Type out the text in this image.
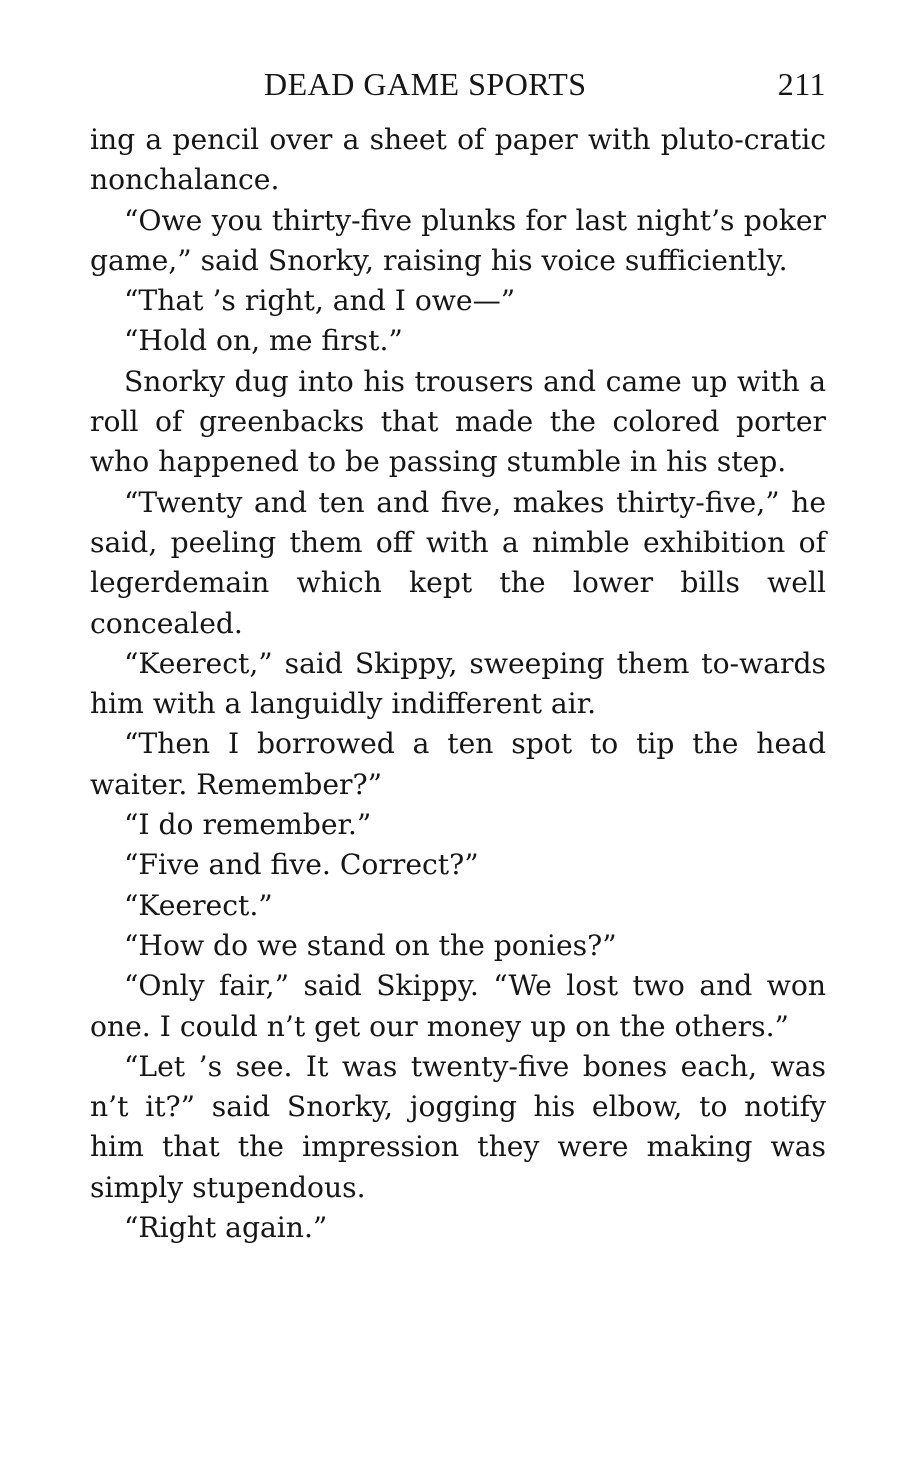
DEAD GAME SPORTS	211

ing a pencil over a sheet of paper with pluto-cratic nonchalance.

“Owe you thirty-five plunks for last night’s poker game,” said Snorky, raising his voice sufficiently.

“That ’s right, and I owe—”

“Hold on, me first.”

Snorky dug into his trousers and came up with a roll of greenbacks that made the colored porter who happened to be passing stumble in his step.

“Twenty and ten and five, makes thirty-five,” he said, peeling them off with a nimble exhibition of legerdemain which kept the lower bills well concealed.

“Keerect,” said Skippy, sweeping them to-wards him with a languidly indifferent air.

“Then I borrowed a ten spot to tip the head waiter. Remember?”

“I do remember.”

“Five and five. Correct?”

“Keerect.”

“How do we stand on the ponies?”

“Only fair,” said Skippy. “We lost two and won one. I could n’t get our money up on the others.”

“Let ’s see. It was twenty-five bones each, was n’t it?” said Snorky, jogging his elbow, to notify him that the impression they were making was simply stupendous.

“Right again.”
